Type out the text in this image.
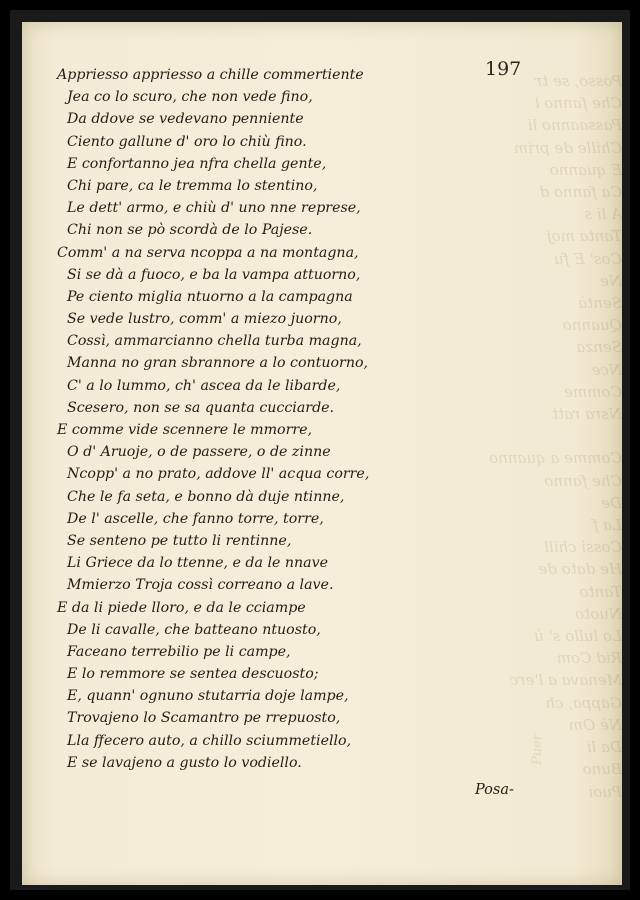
Posso, se tr
Che fanno l
Passaanno li
Chille de prim
E quanno
Ca fanno d
A li s
Tanta moj
Cos' E fu
Ne
Sentà
Quanno
Senza
Nce
Comme
Nsra ratt

Comme a quanno
Che fanno
De
La f
Cossì chill
He dato de
Tanto
Nuoto
Lo lullo s' ù
Rid Com
Menava a l'erc
Gappa, ch
Nè Om
Da li
Buno
Puoi
Puer
197
Appriesso appriesso a chille commertiente
Jea co lo scuro, che non vede fino,
Da ddove se vedevano penniente
Ciento gallune d' oro lo chiù fino.
E confortanno jea nfra chella gente,
Chi pare, ca le tremma lo stentino,
Le dett' armo, e chiù d' uno nne represe,
Chi non se pò scordà de lo Pajese.
Comm' a na serva ncoppa a na montagna,
Si se dà a fuoco, e ba la vampa attuorno,
Pe ciento miglia ntuorno a la campagna
Se vede lustro, comm' a miezo juorno,
Cossì, ammarcianno chella turba magna,
Manna no gran sbrannore a lo contuorno,
C' a lo lummo, ch' ascea da le libarde,
Scesero, non se sa quanta cucciarde.
E comme vide scennere le mmorre,
O d' Aruoje, o de passere, o de zinne
Ncopp' a no prato, addove ll' acqua corre,
Che le fa seta, e bonno dà duje ntinne,
De l' ascelle, che fanno torre, torre,
Se senteno pe tutto li rentinne,
Li Griece da lo ttenne, e da le nnave
Mmierzo Troja cossì correano a lave.
E da li piede lloro, e da le cciampe
De li cavalle, che batteano ntuosto,
Faceano terrebilio pe li campe,
E lo remmore se sentea descuosto;
E, quann' ognuno stutarria doje lampe,
Trovajeno lo Scamantro pe rrepuosto,
Lla ffecero auto, a chillo sciummetiello,
E se lavajeno a gusto lo vodiello.
Posa-
